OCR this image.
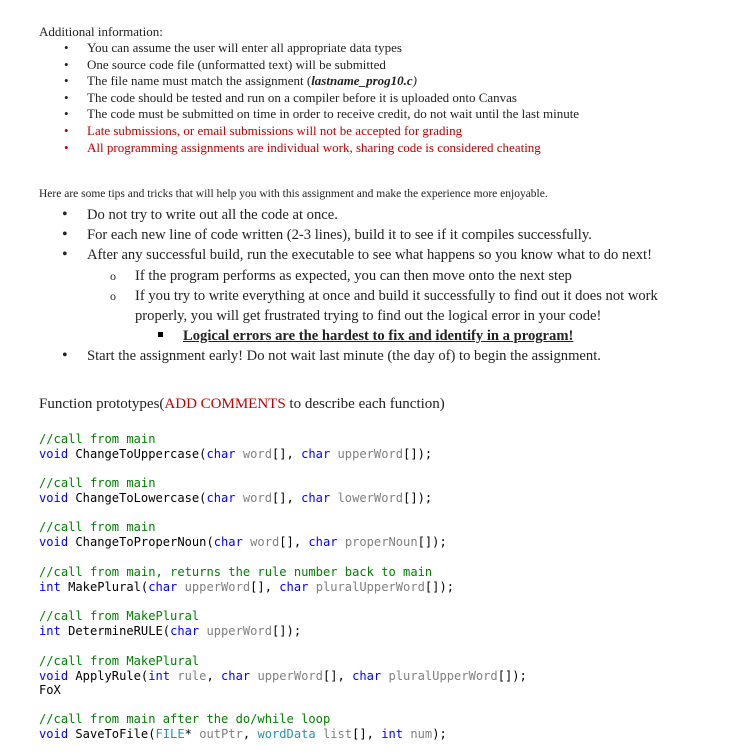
Additional information:
• You can assume the user will enter all appropriate data types
• One source code file (unformatted text) will be submitted
• The file name must match the assignment (lastname_prog10.c)
• The code should be tested and run on a compiler before it is uploaded onto Canvas
• The code must be submitted on time in order to receive credit, do not wait until the last minute
• Late submissions, or email submissions will not be accepted for grading
• All programming assignments are individual work, sharing code is considered cheating
Here are some tips and tricks that will help you with this assignment and make the experience more enjoyable.
• Do not try to write out all the code at once.
• For each new line of code written (2-3 lines), build it to see if it compiles successfully.
• After any successful build, run the executable to see what happens so you know what to do next!
o If the program performs as expected, you can then move onto the next step
o If you try to write everything at once and build it successfully to find out it does not work
properly, you will get frustrated trying to find out the logical error in your code!
Logical errors are the hardest to fix and identify in a program!
• Start the assignment early! Do not wait last minute (the day of) to begin the assignment.
Function prototypes(ADD COMMENTS to describe each function)
//call from main
void ChangeToUppercase(char word[], char upperWord[]);
//call from main
void ChangeToLowercase(char word[], char lowerWord[]);
//call from main
void ChangeToProperNoun(char word[], char properNoun[]);
//call from main, returns the rule number back to main
int MakePlural(char upperWord[], char pluralUpperWord[]);
//call from MakePlural
int DetermineRULE(char upperWord[]);
//call from MakePlural
void ApplyRule(int rule, char upperWord[], char pluralUpperWord[]);
FoX
//call from main after the do/while loop
void SaveToFile(FILE* outPtr, wordData list[], int num);
